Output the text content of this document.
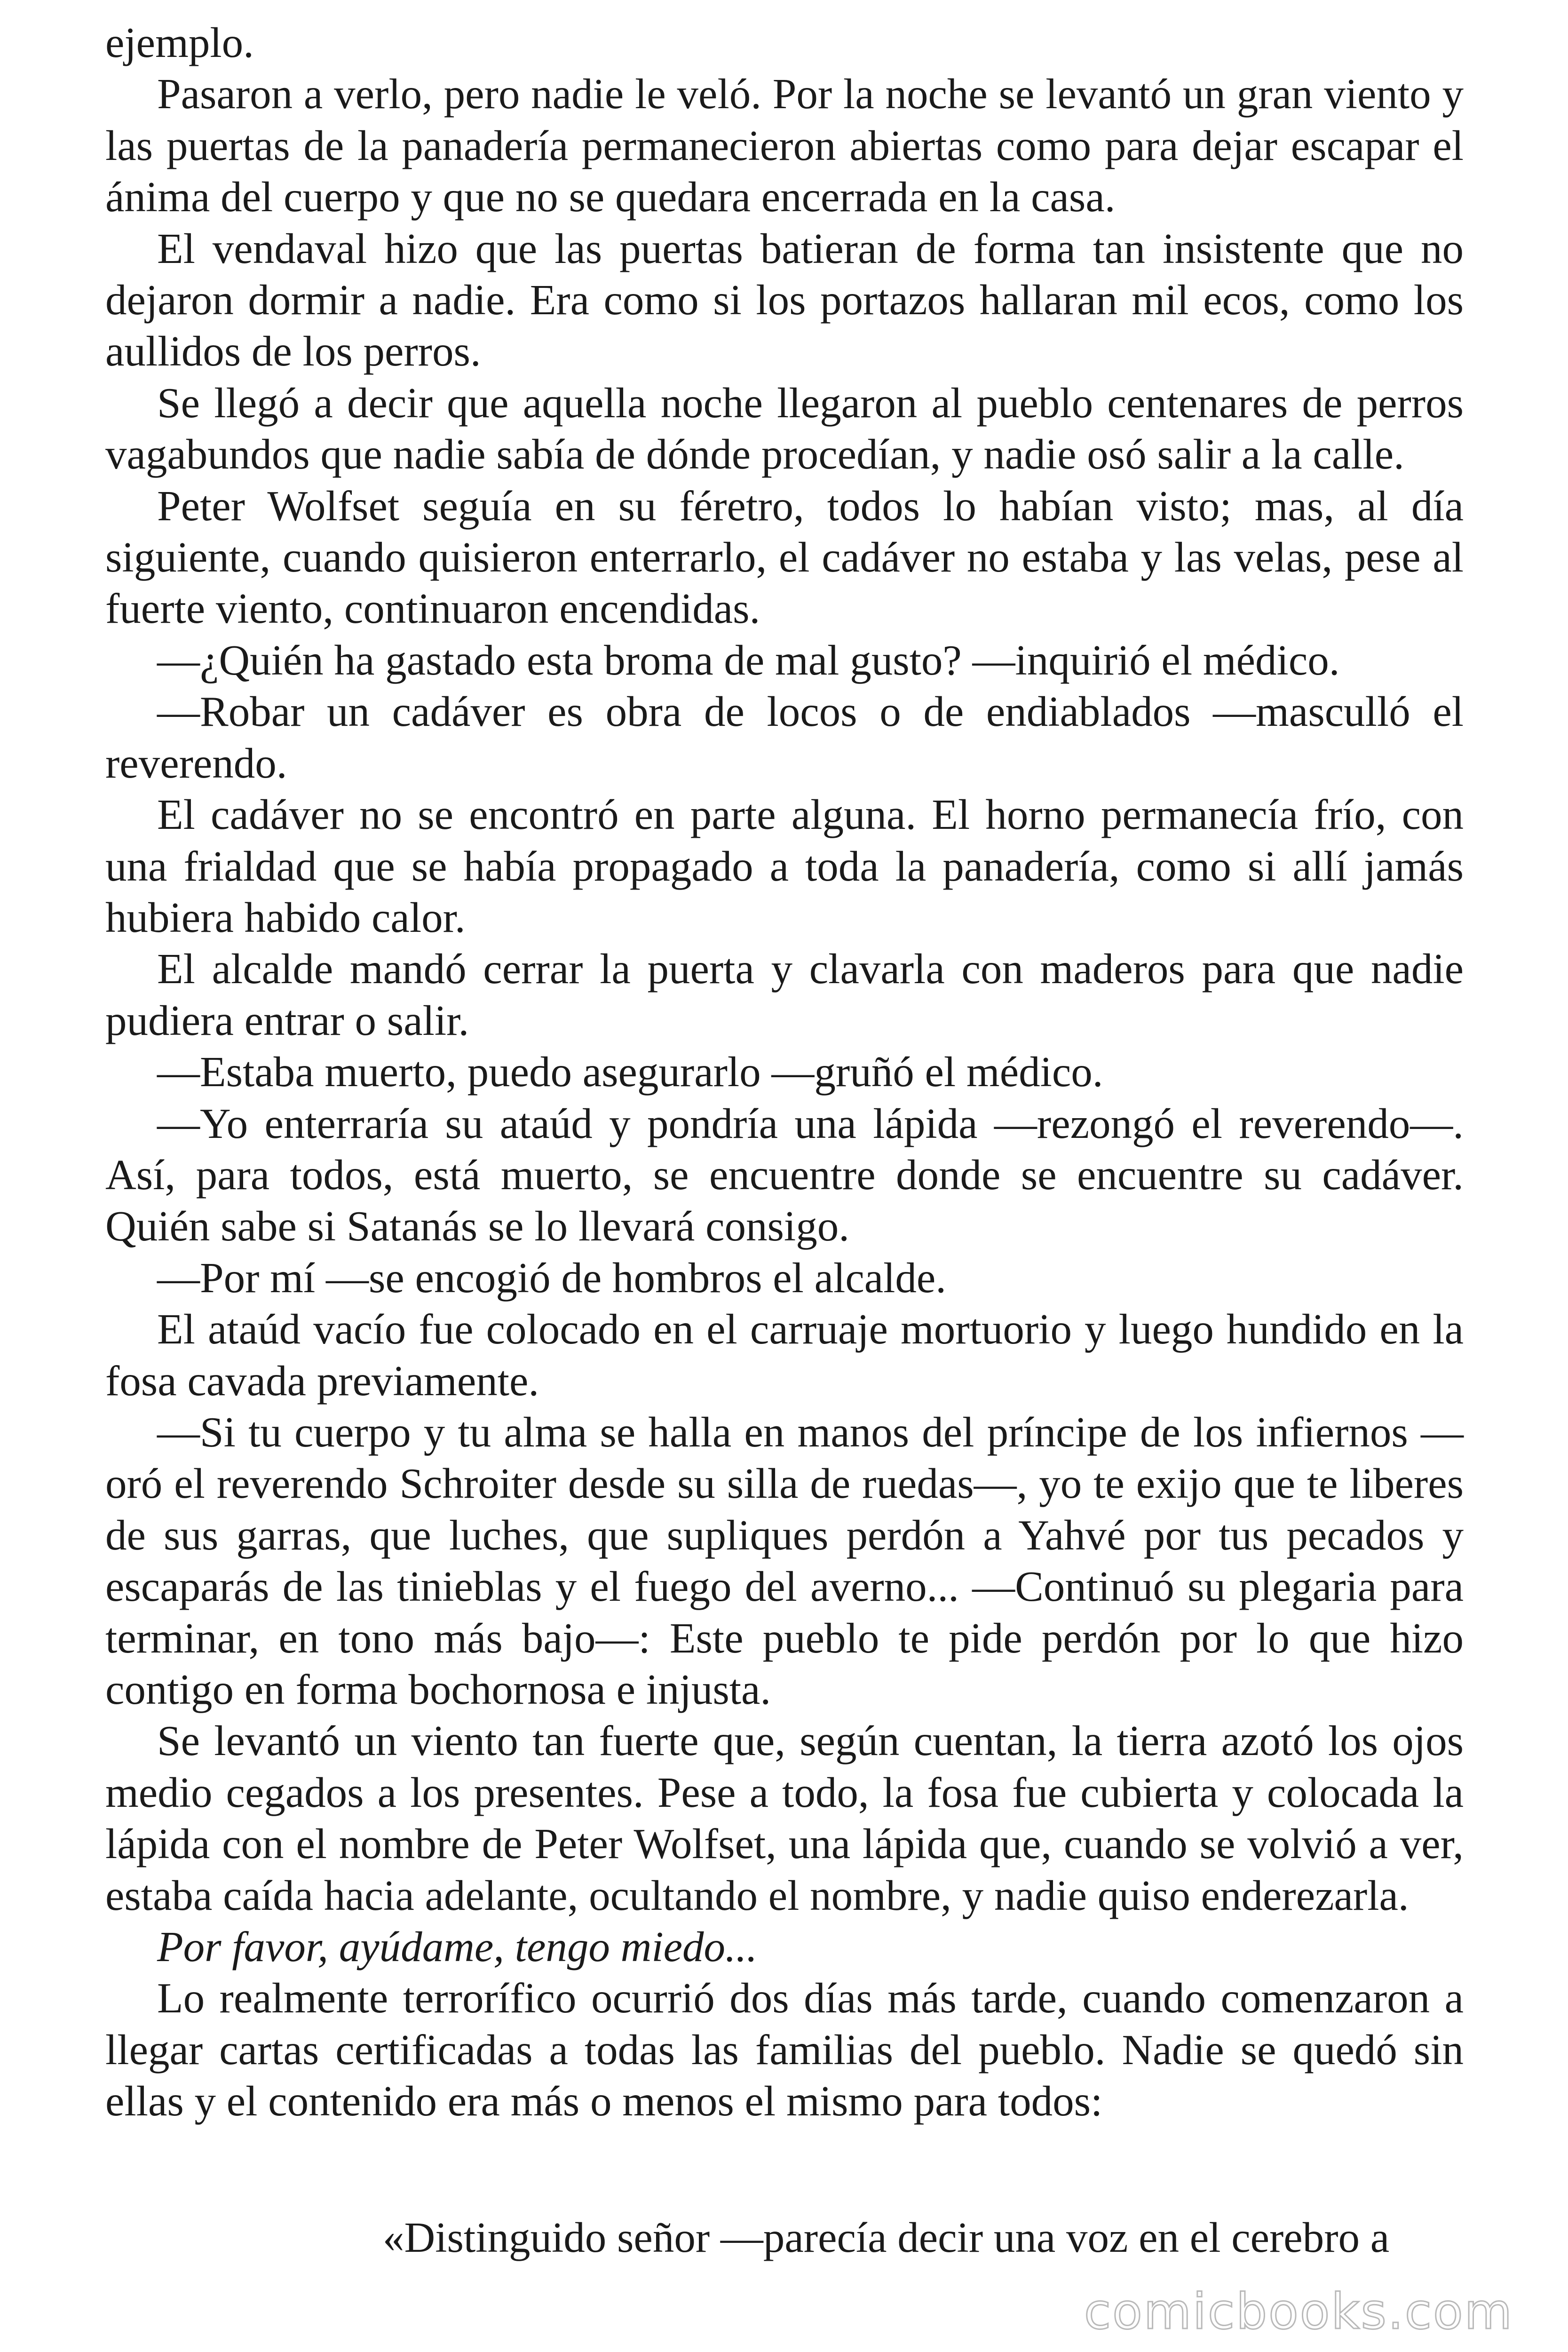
ejemplo.

Pasaron a verlo, pero nadie le veló. Por la noche se levantó un gran viento y las puertas de la panadería permanecieron abiertas como para dejar escapar el ánima del cuerpo y que no se quedara encerrada en la casa.

El vendaval hizo que las puertas batieran de forma tan insistente que no dejaron dormir a nadie. Era como si los portazos hallaran mil ecos, como los aullidos de los perros.

Se llegó a decir que aquella noche llegaron al pueblo centenares de perros vagabundos que nadie sabía de dónde procedían, y nadie osó salir a la calle.

Peter Wolfset seguía en su féretro, todos lo habían visto; mas, al día siguiente, cuando quisieron enterrarlo, el cadáver no estaba y las velas, pese al fuerte viento, continuaron encendidas.

—¿Quién ha gastado esta broma de mal gusto? —inquirió el médico.

—Robar un cadáver es obra de locos o de endiablados —masculló el reverendo.

El cadáver no se encontró en parte alguna. El horno permanecía frío, con una frialdad que se había propagado a toda la panadería, como si allí jamás hubiera habido calor.

El alcalde mandó cerrar la puerta y clavarla con maderos para que nadie pudiera entrar o salir.

—Estaba muerto, puedo asegurarlo —gruñó el médico.

—Yo enterraría su ataúd y pondría una lápida —rezongó el reverendo—. Así, para todos, está muerto, se encuentre donde se encuentre su cadáver. Quién sabe si Satanás se lo llevará consigo.

—Por mí —se encogió de hombros el alcalde.

El ataúd vacío fue colocado en el carruaje mortuorio y luego hundido en la fosa cavada previamente.

—Si tu cuerpo y tu alma se halla en manos del príncipe de los infiernos —oró el reverendo Schroiter desde su silla de ruedas—, yo te exijo que te liberes de sus garras, que luches, que supliques perdón a Yahvé por tus pecados y escaparás de las tinieblas y el fuego del averno... —Continuó su plegaria para terminar, en tono más bajo—: Este pueblo te pide perdón por lo que hizo contigo en forma bochornosa e injusta.

Se levantó un viento tan fuerte que, según cuentan, la tierra azotó los ojos medio cegados a los presentes. Pese a todo, la fosa fue cubierta y colocada la lápida con el nombre de Peter Wolfset, una lápida que, cuando se volvió a ver, estaba caída hacia adelante, ocultando el nombre, y nadie quiso enderezarla.

Por favor, ayúdame, tengo miedo...

Lo realmente terrorífico ocurrió dos días más tarde, cuando comenzaron a llegar cartas certificadas a todas las familias del pueblo. Nadie se quedó sin ellas y el contenido era más o menos el mismo para todos:

«Distinguido señor —parecía decir una voz en el cerebro a

comicbooks.com
